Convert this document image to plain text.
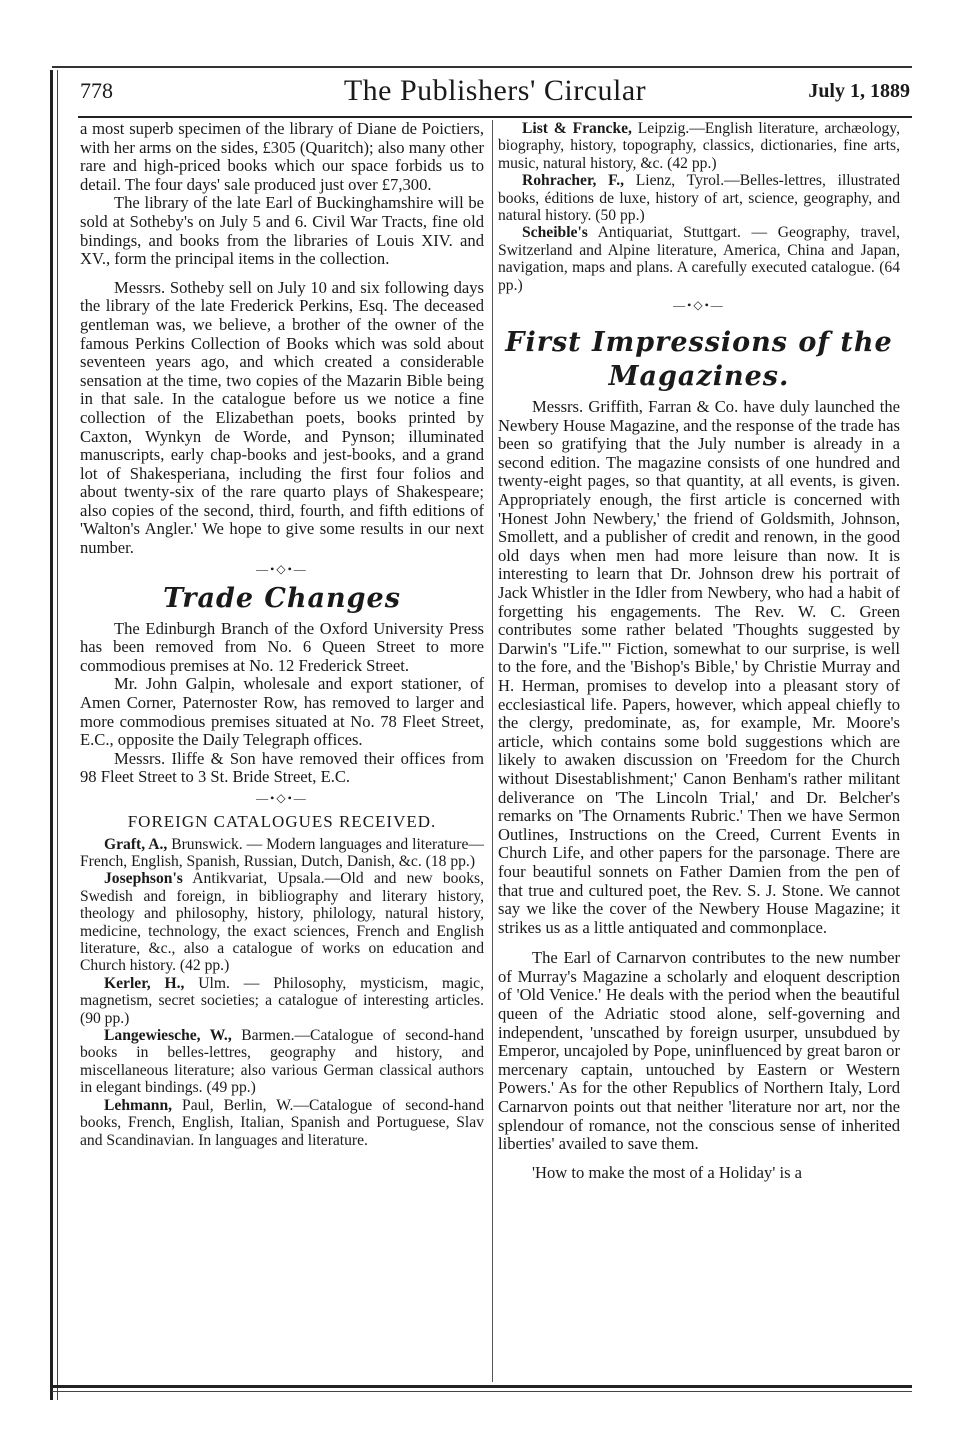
778	The Publishers' Circular	July 1, 1889

a most superb specimen of the library of Diane de Poictiers, with her arms on the sides, £305 (Quaritch); also many other rare and high-priced books which our space forbids us to detail. The four days' sale produced just over £7,300.

The library of the late Earl of Buckinghamshire will be sold at Sotheby's on July 5 and 6. Civil War Tracts, fine old bindings, and books from the libraries of Louis XIV. and XV., form the principal items in the collection.

Messrs. Sotheby sell on July 10 and six following days the library of the late Frederick Perkins, Esq. The deceased gentleman was, we believe, a brother of the owner of the famous Perkins Collection of Books which was sold about seventeen years ago, and which created a considerable sensation at the time, two copies of the Mazarin Bible being in that sale. In the catalogue before us we notice a fine collection of the Elizabethan poets, books printed by Caxton, Wynkyn de Worde, and Pynson; illuminated manuscripts, early chap-books and jest-books, and a grand lot of Shakesperiana, including the first four folios and about twenty-six of the rare quarto plays of Shakespeare; also copies of the second, third, fourth, and fifth editions of 'Walton's Angler.' We hope to give some results in our next number.

—•◇•—
Trade Changes

The Edinburgh Branch of the Oxford University Press has been removed from No. 6 Queen Street to more commodious premises at No. 12 Frederick Street.

Mr. John Galpin, wholesale and export stationer, of Amen Corner, Paternoster Row, has removed to larger and more commodious premises situated at No. 78 Fleet Street, E.C., opposite the Daily Telegraph offices.

Messrs. Iliffe & Son have removed their offices from 98 Fleet Street to 3 St. Bride Street, E.C.

—•◇•—
FOREIGN CATALOGUES RECEIVED.

Graft, A., Brunswick. — Modern languages and literature—French, English, Spanish, Russian, Dutch, Danish, &c. (18 pp.)

Josephson's Antikvariat, Upsala.—Old and new books, Swedish and foreign, in bibliography and literary history, theology and philosophy, history, philology, natural history, medicine, technology, the exact sciences, French and English literature, &c., also a catalogue of works on education and Church history. (42 pp.)

Kerler, H., Ulm. — Philosophy, mysticism, magic, magnetism, secret societies; a catalogue of interesting articles. (90 pp.)

Langewiesche, W., Barmen.—Catalogue of second-hand books in belles-lettres, geography and history, and miscellaneous literature; also various German classical authors in elegant bindings. (49 pp.)

Lehmann, Paul, Berlin, W.—Catalogue of second-hand books, French, English, Italian, Spanish and Portuguese, Slav and Scandinavian. In languages and literature.

List & Francke, Leipzig.—English literature, archæology, biography, history, topography, classics, dictionaries, fine arts, music, natural history, &c. (42 pp.)

Rohracher, F., Lienz, Tyrol.—Belles-lettres, illustrated books, éditions de luxe, history of art, science, geography, and natural history. (50 pp.)

Scheible's Antiquariat, Stuttgart. — Geography, travel, Switzerland and Alpine literature, America, China and Japan, navigation, maps and plans. A carefully executed catalogue. (64 pp.)

—•◇•—
First Impressions of the
Magazines.

Messrs. Griffith, Farran & Co. have duly launched the Newbery House Magazine, and the response of the trade has been so gratifying that the July number is already in a second edition. The magazine consists of one hundred and twenty-eight pages, so that quantity, at all events, is given. Appropriately enough, the first article is concerned with 'Honest John Newbery,' the friend of Goldsmith, Johnson, Smollett, and a publisher of credit and renown, in the good old days when men had more leisure than now. It is interesting to learn that Dr. Johnson drew his portrait of Jack Whistler in the Idler from Newbery, who had a habit of forgetting his engagements. The Rev. W. C. Green contributes some rather belated 'Thoughts suggested by Darwin's "Life."' Fiction, somewhat to our surprise, is well to the fore, and the 'Bishop's Bible,' by Christie Murray and H. Herman, promises to develop into a pleasant story of ecclesiastical life. Papers, however, which appeal chiefly to the clergy, predominate, as, for example, Mr. Moore's article, which contains some bold suggestions which are likely to awaken discussion on 'Freedom for the Church without Disestablishment;' Canon Benham's rather militant deliverance on 'The Lincoln Trial,' and Dr. Belcher's remarks on 'The Ornaments Rubric.' Then we have Sermon Outlines, Instructions on the Creed, Current Events in Church Life, and other papers for the parsonage. There are four beautiful sonnets on Father Damien from the pen of that true and cultured poet, the Rev. S. J. Stone. We cannot say we like the cover of the Newbery House Magazine; it strikes us as a little antiquated and commonplace.

The Earl of Carnarvon contributes to the new number of Murray's Magazine a scholarly and eloquent description of 'Old Venice.' He deals with the period when the beautiful queen of the Adriatic stood alone, self-governing and independent, 'unscathed by foreign usurper, unsubdued by Emperor, uncajoled by Pope, uninfluenced by great baron or mercenary captain, untouched by Eastern or Western Powers.' As for the other Republics of Northern Italy, Lord Carnarvon points out that neither 'literature nor art, nor the splendour of romance, not the conscious sense of inherited liberties' availed to save them.

'How to make the most of a Holiday' is a
